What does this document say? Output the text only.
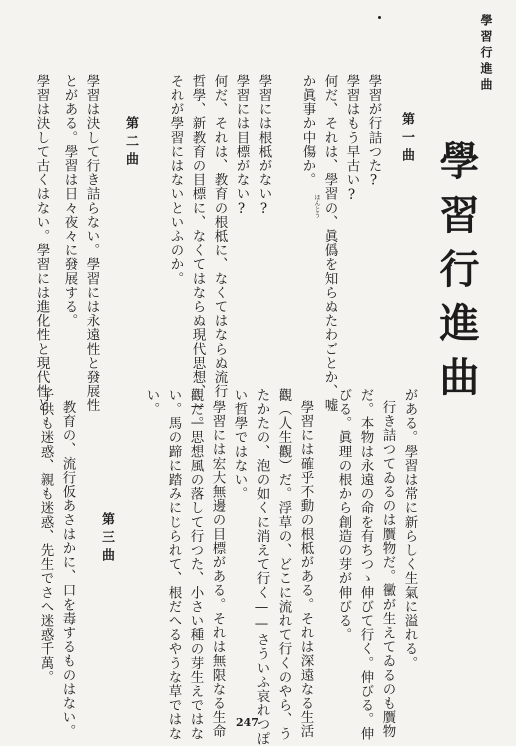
學習行進曲
學習行進曲
第一曲
學習が行詰つた?
學習はもう早古い?
何だ、それは、學習の、眞僞を知らぬたわごとか、嘘
ほんとう
か眞事か中傷か。
學習には根柢がない?
學習には目標がない?
何だ、それは、教育の根柢に、なくてはならぬ流行
哲學、新教育の目標に、なくてはならぬ現代思想、——
それが學習にはないといふのか。
第二曲
學習は決して行き詰らない。學習には永遠性と發展性
とがある。學習は日々夜々に發展する。
學習は決して古くはない。學習には進化性と現代性と
がある。學習は常に新らしく生氣に溢れる。
行き詰つてゐるのは贋物だ。黴が生えてゐるのも贋物
だ。本物は永遠の命を有ちつゝ伸びて行く。伸びる。伸
びる。眞理の根から創造の芽が伸びる。
學習には確乎不動の根柢がある。それは深遠なる生活
觀（人生觀）だ。浮草の、どこに流れて行くのやら、う
たかたの、泡の如くに消えて行く——さういふ哀れつぽ
い哲學ではない。
學習には宏大無邊の目標がある。それは無限なる生命
觀だ。思想風の落して行つた、小さい種の芽生えではな
い。馬の蹄に踏みにじられて、根だへるやうな草ではな
い。
第三曲
教育の、流行仮あさはかに、口を毒するものはない。
子供も迷惑、親も迷惑、先生でさへ迷惑千萬。
247
